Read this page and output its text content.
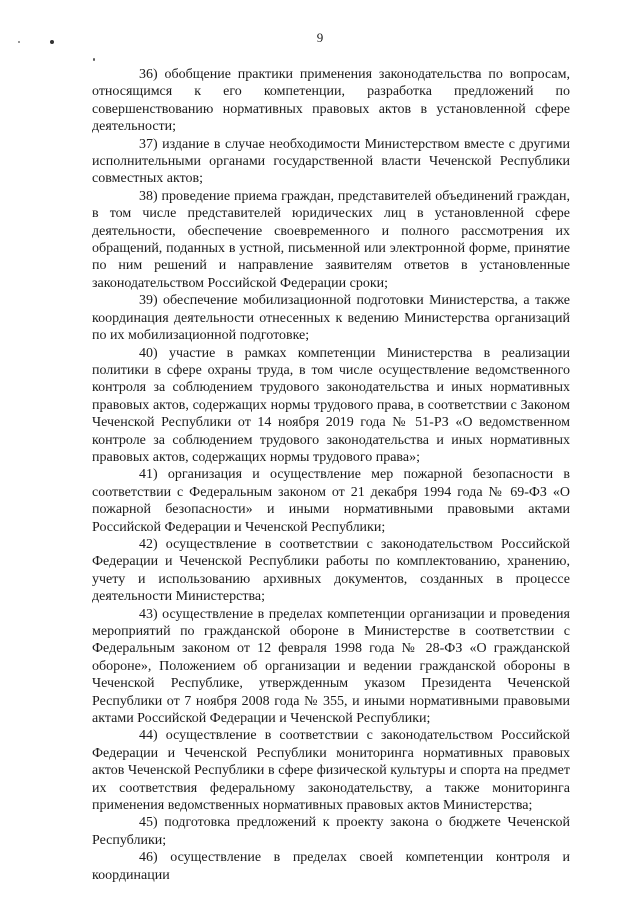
9

36) обобщение практики применения законодательства по вопросам, относящимся к его компетенции, разработка предложений по совершенствованию нормативных правовых актов в установленной сфере деятельности;

37) издание в случае необходимости Министерством вместе с другими исполнительными органами государственной власти Чеченской Республики совместных актов;

38) проведение приема граждан, представителей объединений граждан, в том числе представителей юридических лиц в установленной сфере деятельности, обеспечение своевременного и полного рассмотрения их обращений, поданных в устной, письменной или электронной форме, принятие по ним решений и направление заявителям ответов в установленные законодательством Российской Федерации сроки;

39) обеспечение мобилизационной подготовки Министерства, а также координация деятельности отнесенных к ведению Министерства организаций по их мобилизационной подготовке;

40) участие в рамках компетенции Министерства в реализации политики в сфере охраны труда, в том числе осуществление ведомственного контроля за соблюдением трудового законодательства и иных нормативных правовых актов, содержащих нормы трудового права, в соответствии с Законом Чеченской Республики от 14 ноября 2019 года № 51-РЗ «О ведомственном контроле за соблюдением трудового законодательства и иных нормативных правовых актов, содержащих нормы трудового права»;

41) организация и осуществление мер пожарной безопасности в соответствии с Федеральным законом от 21 декабря 1994 года № 69-ФЗ «О пожарной безопасности» и иными нормативными правовыми актами Российской Федерации и Чеченской Республики;

42) осуществление в соответствии с законодательством Российской Федерации и Чеченской Республики работы по комплектованию, хранению, учету и использованию архивных документов, созданных в процессе деятельности Министерства;

43) осуществление в пределах компетенции организации и проведения мероприятий по гражданской обороне в Министерстве в соответствии с Федеральным законом от 12 февраля 1998 года № 28-ФЗ «О гражданской обороне», Положением об организации и ведении гражданской обороны в Чеченской Республике, утвержденным указом Президента Чеченской Республики от 7 ноября 2008 года № 355, и иными нормативными правовыми актами Российской Федерации и Чеченской Республики;

44) осуществление в соответствии с законодательством Российской Федерации и Чеченской Республики мониторинга нормативных правовых актов Чеченской Республики в сфере физической культуры и спорта на предмет их соответствия федеральному законодательству, а также мониторинга применения ведомственных нормативных правовых актов Министерства;

45) подготовка предложений к проекту закона о бюджете Чеченской Республики;

46) осуществление в пределах своей компетенции контроля и координации
